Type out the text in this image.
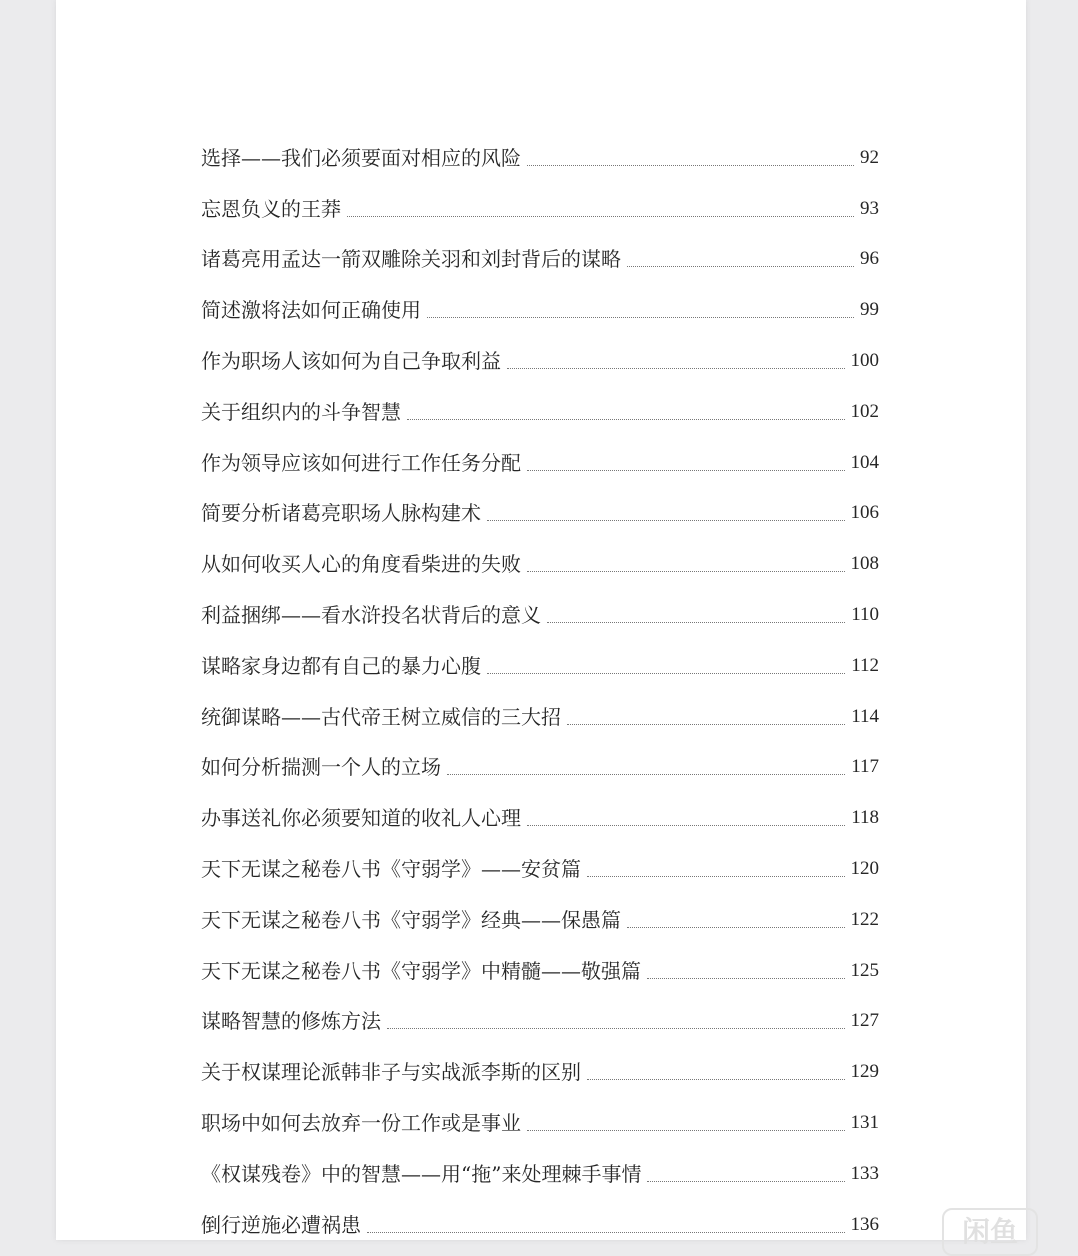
选择——我们必须要面对相应的风险	92
忘恩负义的王莽	93
诸葛亮用孟达一箭双雕除关羽和刘封背后的谋略	96
简述激将法如何正确使用	99
作为职场人该如何为自己争取利益	100
关于组织内的斗争智慧	102
作为领导应该如何进行工作任务分配	104
简要分析诸葛亮职场人脉构建术	106
从如何收买人心的角度看柴进的失败	108
利益捆绑——看水浒投名状背后的意义	110
谋略家身边都有自己的暴力心腹	112
统御谋略——古代帝王树立威信的三大招	114
如何分析揣测一个人的立场	117
办事送礼你必须要知道的收礼人心理	118
天下无谋之秘卷八书《守弱学》——安贫篇	120
天下无谋之秘卷八书《守弱学》经典——保愚篇	122
天下无谋之秘卷八书《守弱学》中精髓——敬强篇	125
谋略智慧的修炼方法	127
关于权谋理论派韩非子与实战派李斯的区别	129
职场中如何去放弃一份工作或是事业	131
《权谋残卷》中的智慧——用“拖”来处理棘手事情	133
倒行逆施必遭祸患	136
闲鱼
